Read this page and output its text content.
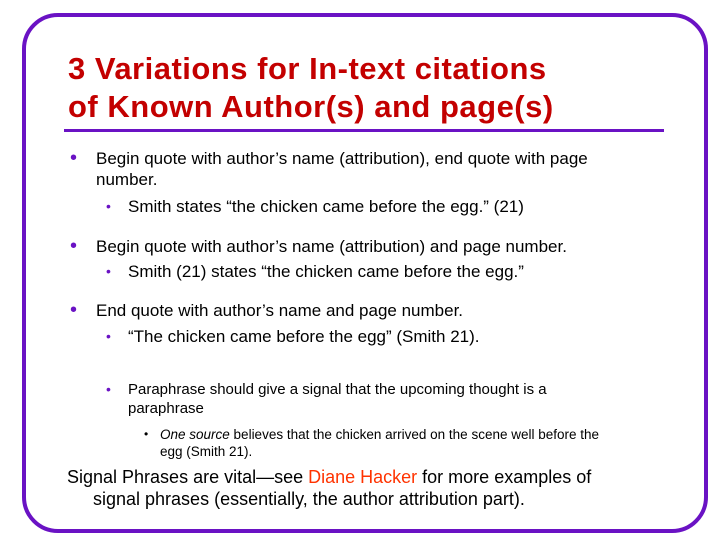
3 Variations for In-text citations
of Known Author(s) and page(s)
• Begin quote with author’s name (attribution), end quote with page
number.
• Smith states “the chicken came before the egg.” (21)
• Begin quote with author’s name (attribution) and page number.
• Smith (21) states “the chicken came before the egg.”
• End quote with author’s name and page number.
• “The chicken came before the egg” (Smith 21).
• Paraphrase should give a signal that the upcoming thought is a
paraphrase
• One source believes that the chicken arrived on the scene well before the
egg (Smith 21).
Signal Phrases are vital—see Diane Hacker for more examples of
signal phrases (essentially, the author attribution part).
